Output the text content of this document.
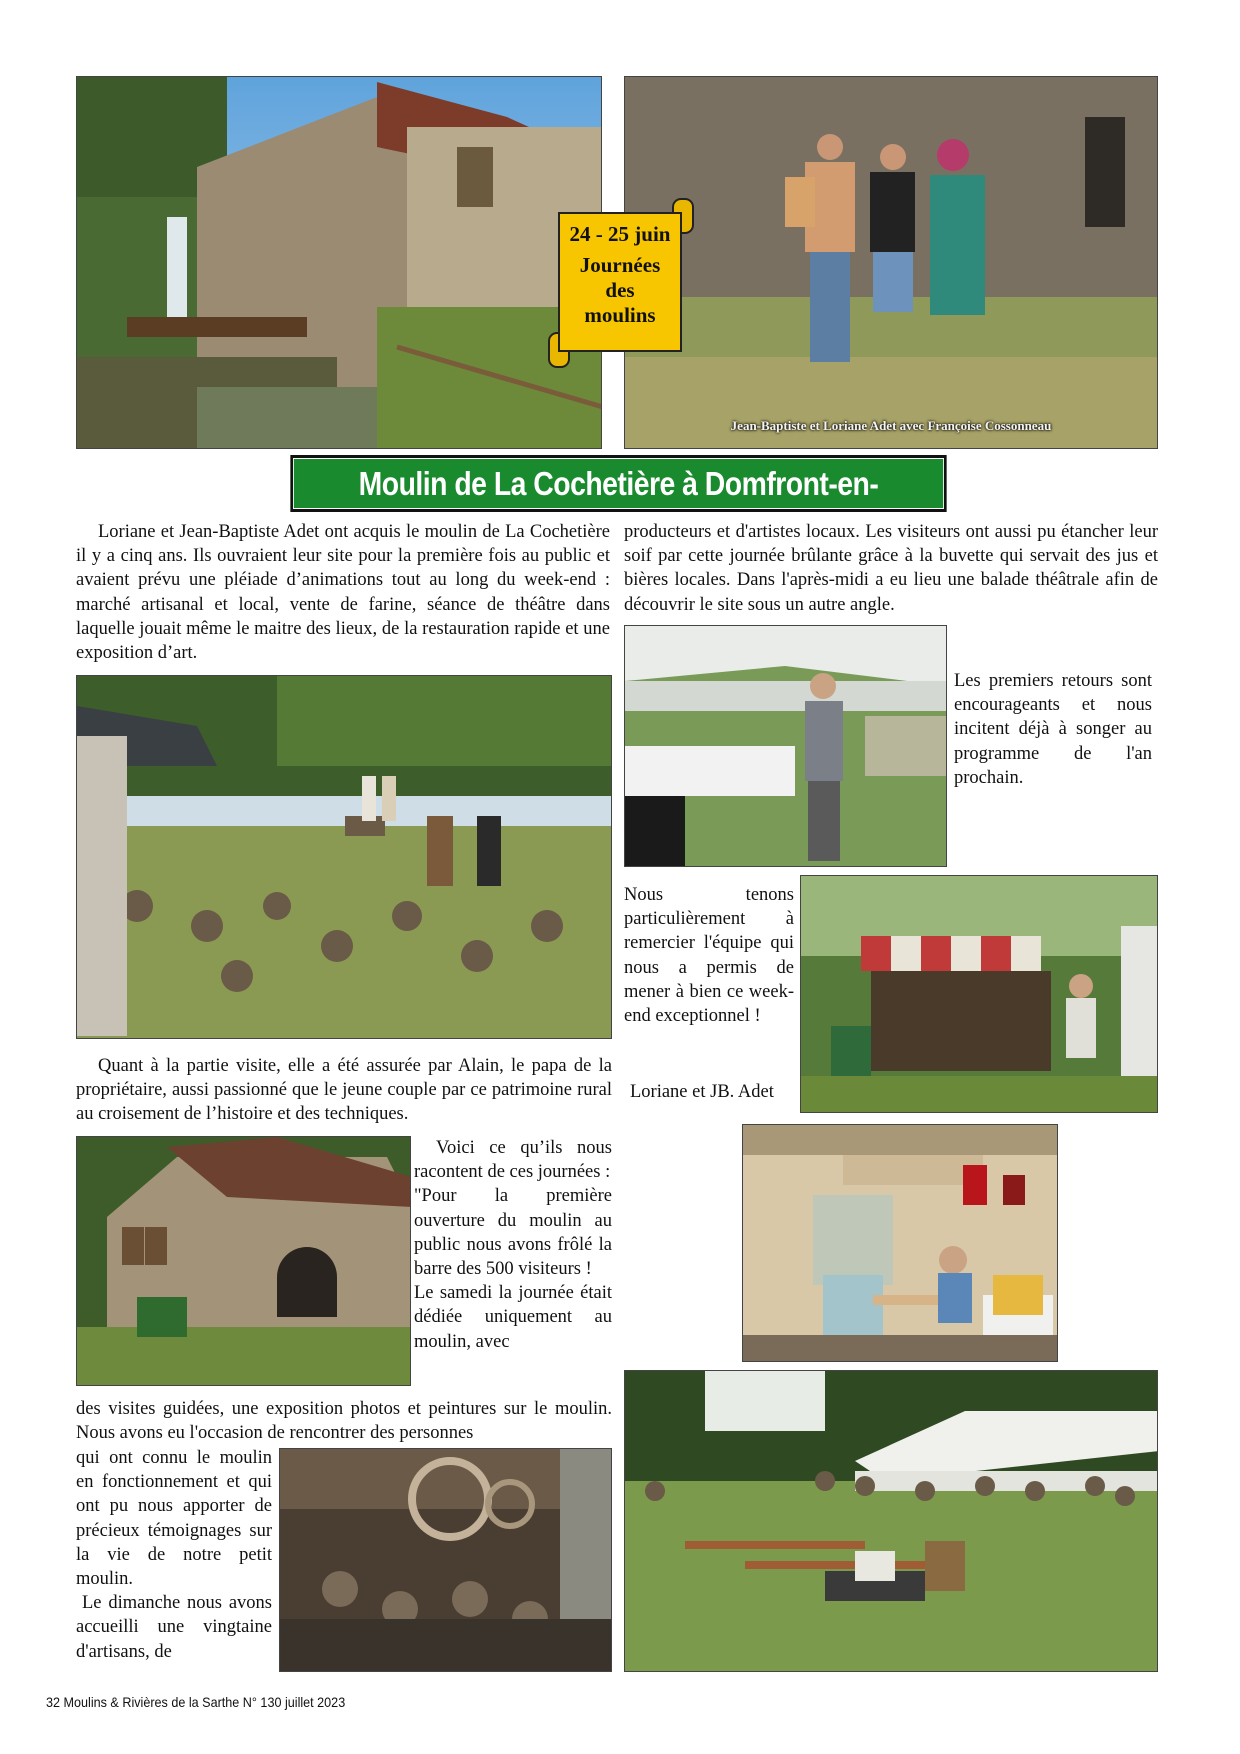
Jean-Baptiste et Loriane Adet avec Françoise Cossonneau
24 - 25 juin
Journées
des
moulins
Moulin de La Cochetière à Domfront-en-Champagne

Loriane et Jean-Baptiste Adet ont acquis le moulin de La Cochetière il y a cinq ans. Ils ouvraient leur site pour la première fois au public et avaient prévu une pléiade d’animations tout au long du week-end : marché artisanal et local, vente de farine, séance de théâtre dans laquelle jouait même le maitre des lieux, de la restauration rapide et une exposition d’art.

Quant à la partie visite, elle a été assurée par Alain, le papa de la propriétaire, aussi passionné que le jeune couple par ce patrimoine rural au croisement de l’histoire et des techniques.

Voici ce qu’ils nous racontent de ces journées :

"Pour la première ouverture du moulin au public nous avons frôlé la barre des 500 visiteurs !

Le samedi la journée était dédiée uniquement au moulin, avec

des visites guidées, une exposition photos et peintures sur le moulin. Nous avons eu l'occasion de rencontrer des personnes

qui ont connu le moulin en fonctionnement et qui ont pu nous apporter de précieux témoignages sur la vie de notre petit moulin.

Le dimanche nous avons accueilli une vingtaine d'artisans, de

producteurs et d'artistes locaux. Les visiteurs ont aussi pu étancher leur soif par cette journée brûlante grâce à la buvette qui servait des jus et bières locales. Dans l'après-midi a eu lieu une balade théâtrale afin de découvrir le site sous un autre angle.

Les premiers retours sont encourageants et nous incitent déjà à songer au programme de l'an prochain.

Nous tenons particulièrement à remercier l'équipe qui nous a permis de mener à bien ce week-end exceptionnel !

Loriane et JB. Adet

32 Moulins & Rivières de la Sarthe N° 130 juillet 2023
